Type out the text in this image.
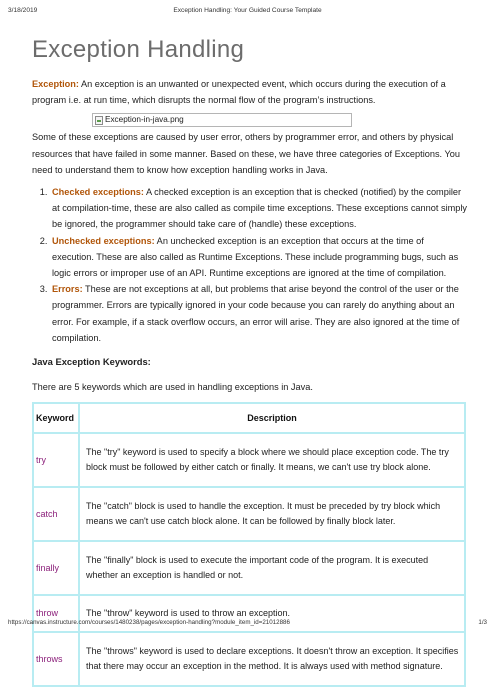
3/18/2019	Exception Handling: Your Guided Course Template
Exception Handling

Exception: An exception is an unwanted or unexpected event, which occurs during the execution of a program i.e. at run time, which disrupts the normal flow of the program’s instructions.

Exception-in-java.png

Some of these exceptions are caused by user error, others by programmer error, and others by physical resources that have failed in some manner. Based on these, we have three categories of Exceptions. You need to understand them to know how exception handling works in Java.

1. Checked exceptions: A checked exception is an exception that is checked (notified) by the compiler at compilation-time, these are also called as compile time exceptions. These exceptions cannot simply be ignored, the programmer should take care of (handle) these exceptions.
2. Unchecked exceptions: An unchecked exception is an exception that occurs at the time of execution. These are also called as Runtime Exceptions. These include programming bugs, such as logic errors or improper use of an API. Runtime exceptions are ignored at the time of compilation.
3. Errors: These are not exceptions at all, but problems that arise beyond the control of the user or the programmer. Errors are typically ignored in your code because you can rarely do anything about an error. For example, if a stack overflow occurs, an error will arise. They are also ignored at the time of compilation.

Java Exception Keywords:

There are 5 keywords which are used in handling exceptions in Java.

Keyword	Description
try	The "try" keyword is used to specify a block where we should place exception code. The try block must be followed by either catch or finally. It means, we can't use try block alone.
catch	The "catch" block is used to handle the exception. It must be preceded by try block which means we can't use catch block alone. It can be followed by finally block later.
finally	The "finally" block is used to execute the important code of the program. It is executed whether an exception is handled or not.
throw	The "throw" keyword is used to throw an exception.
throws	The "throws" keyword is used to declare exceptions. It doesn't throw an exception. It specifies that there may occur an exception in the method. It is always used with method signature.
https://canvas.instructure.com/courses/1480238/pages/exception-handling?module_item_id=21012886	1/3
